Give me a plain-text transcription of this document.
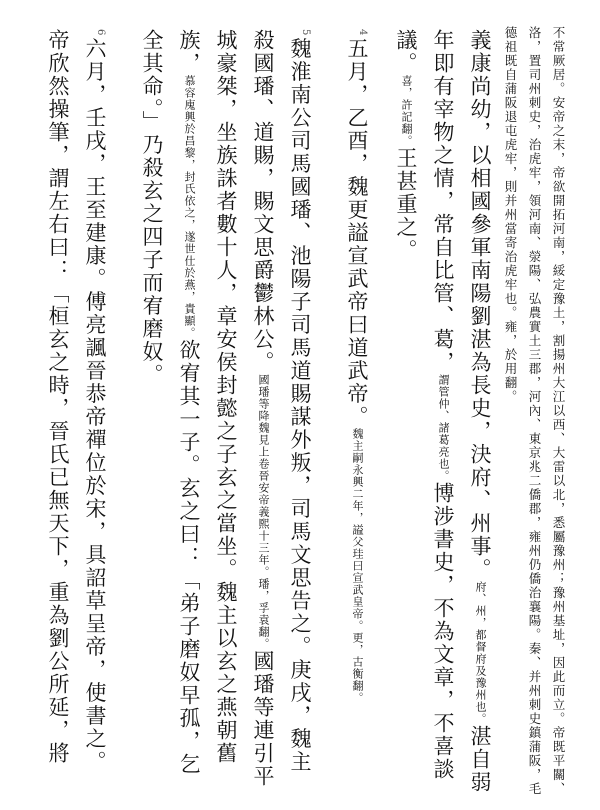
不常厥居。安帝之末，帝欲開拓河南，綏定豫土，割揚州大江以西、大雷以北，悉屬豫州；豫州基址，因此而立。帝既平關、洛，置司州刺史，治虎牢，領河南、滎陽、弘農實土三郡，河內、東京兆二僑郡，雍州仍僑治襄陽。秦、并州刺史鎮蒲阪，毛德祖既自蒲阪退屯虎牢，則并州當寄治虎牢也。雍，於用翻。
義康尚幼，以相國參軍南陽劉湛為長史，決府、州事。府、州，都督府及豫州也。湛自弱年即有宰物之情，常自比管、葛，謂管仲、諸葛亮也。博涉書史，不為文章，不喜談議。喜，許記翻。王甚重之。
4五月，乙酉，魏更謚宣武帝曰道武帝。魏主嗣永興二年，謚父珪曰宣武皇帝。更，古衡翻。
5魏淮南公司馬國璠、池陽子司馬道賜謀外叛，司馬文思告之。庚戌，魏主殺國璠、道賜，賜文思爵鬱林公。國璠等降魏見上卷晉安帝義熙十三年。璠，孚袁翻。國璠等連引平城豪桀，坐族誅者數十人，章安侯封懿之子玄之當坐。魏主以玄之燕朝舊族，慕容廆興於昌黎，封氏依之，遂世仕於燕，貴顯。欲宥其一子。玄之曰：「弟子磨奴早孤，乞全其命。」乃殺玄之四子而宥磨奴。
6六月，壬戌，王至建康。傅亮諷晉恭帝禪位於宋，具詔草呈帝，使書之。帝欣然操筆，謂左右曰：「桓玄之時，晉氏已無天下，重為劉公所延，將
